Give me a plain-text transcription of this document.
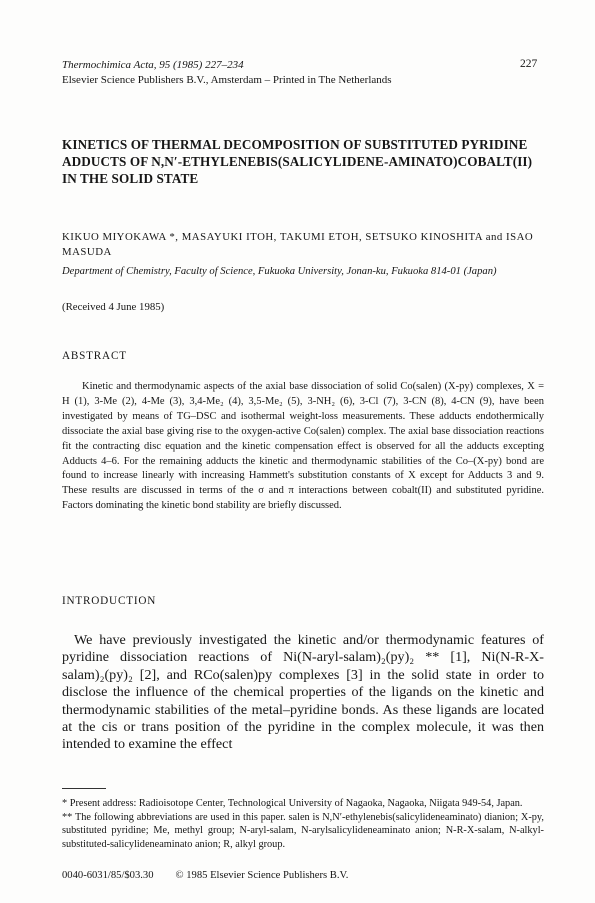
Thermochimica Acta, 95 (1985) 227–234
Elsevier Science Publishers B.V., Amsterdam – Printed in The Netherlands
227
KINETICS OF THERMAL DECOMPOSITION OF SUBSTITUTED PYRIDINE ADDUCTS OF N,N′-ETHYLENEBIS(SALICYLIDENE-AMINATO)COBALT(II) IN THE SOLID STATE
KIKUO MIYOKAWA *, MASAYUKI ITOH, TAKUMI ETOH, SETSUKO KINOSHITA and ISAO MASUDA
Department of Chemistry, Faculty of Science, Fukuoka University, Jonan-ku, Fukuoka 814-01 (Japan)
(Received 4 June 1985)
ABSTRACT

Kinetic and thermodynamic aspects of the axial base dissociation of solid Co(salen) (X-py) complexes, X = H (1), 3-Me (2), 4-Me (3), 3,4-Me₂ (4), 3,5-Me₂ (5), 3-NH₂ (6), 3-Cl (7), 3-CN (8), 4-CN (9), have been investigated by means of TG–DSC and isothermal weight-loss measurements. These adducts endothermically dissociate the axial base giving rise to the oxygen-active Co(salen) complex. The axial base dissociation reactions fit the contracting disc equation and the kinetic compensation effect is observed for all the adducts excepting Adducts 4–6. For the remaining adducts the kinetic and thermodynamic stabilities of the Co–(X-py) bond are found to increase linearly with increasing Hammett's substitution constants of X except for Adducts 3 and 9. These results are discussed in terms of the σ and π interactions between cobalt(II) and substituted pyridine. Factors dominating the kinetic bond stability are briefly discussed.

INTRODUCTION

We have previously investigated the kinetic and/or thermodynamic features of pyridine dissociation reactions of Ni(N-aryl-salam)₂(py)₂ ** [1], Ni(N-R-X-salam)₂(py)₂ [2], and RCo(salen)py complexes [3] in the solid state in order to disclose the influence of the chemical properties of the ligands on the kinetic and thermodynamic stabilities of the metal–pyridine bonds. As these ligands are located at the cis or trans position of the pyridine in the complex molecule, it was then intended to examine the effect

* Present address: Radioisotope Center, Technological University of Nagaoka, Nagaoka, Niigata 949-54, Japan.

** The following abbreviations are used in this paper. salen is N,N′-ethylenebis(salicylideneaminato) dianion; X-py, substituted pyridine; Me, methyl group; N-aryl-salam, N-arylsalicylideneaminato anion; N-R-X-salam, N-alkyl-substituted-salicylideneaminato anion; R, alkyl group.

0040-6031/85/$03.30 © 1985 Elsevier Science Publishers B.V.
